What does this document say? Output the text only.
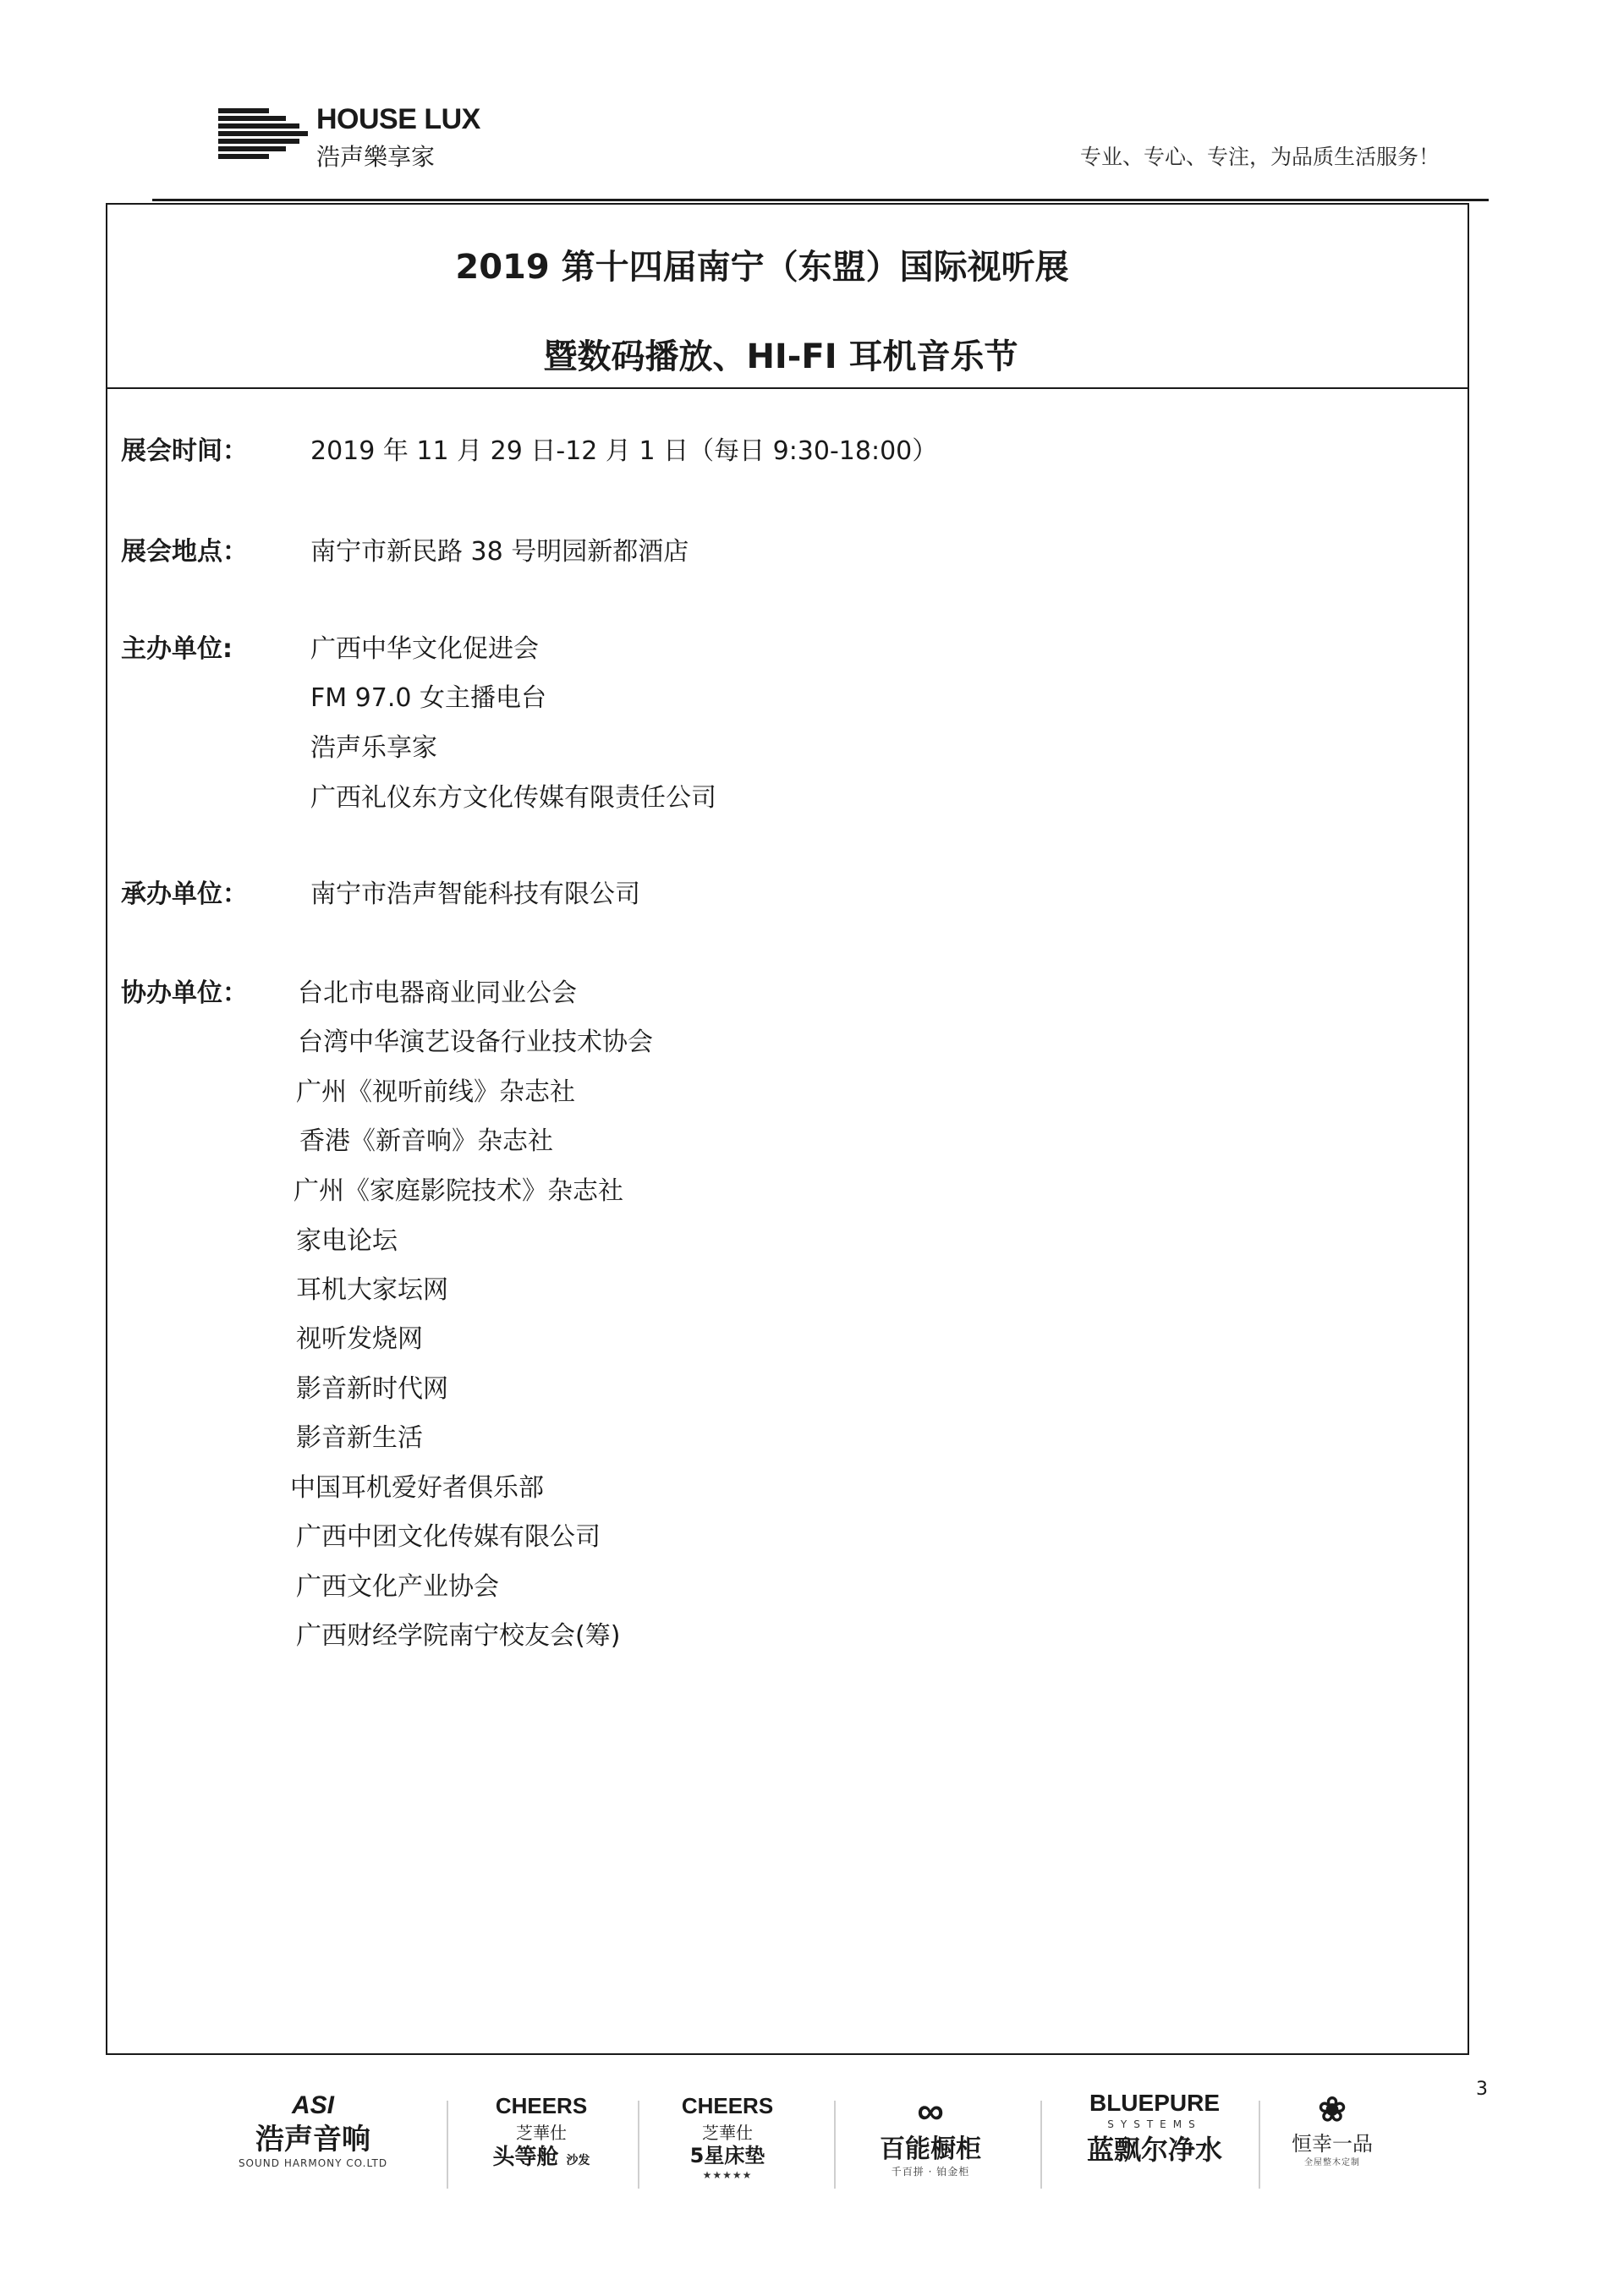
HOUSE LUX
浩声樂享家	专业、专心、专注，为品质生活服务！
2019 第十四届南宁（东盟）国际视听展
暨数码播放、HI-FI 耳机音乐节
展会时间： 2019 年 11 月 29 日-12 月 1 日（每日 9:30-18:00）
展会地点： 南宁市新民路 38 号明园新都酒店
主办单位:	广西中华文化促进会
FM 97.0 女主播电台
浩声乐享家
广西礼仪东方文化传媒有限责任公司
承办单位： 南宁市浩声智能科技有限公司
协办单位： 台北市电器商业同业公会
台湾中华演艺设备行业技术协会
广州《视听前线》杂志社
香港《新音响》杂志社
广州《家庭影院技术》杂志社
家电论坛
耳机大家坛网
视听发烧网
影音新时代网
影音新生活
中国耳机爱好者俱乐部
广西中团文化传媒有限公司
广西文化产业协会
广西财经学院南宁校友会(筹)
3
ASI
浩声音响
SOUND HARMONY CO.LTD
CHEERS
芝華仕
头等舱 沙发
CHEERS
芝華仕
5星床垫
★★★★★
∞
百能橱柜
千百拼 · 铂金柜
BLUEPURE
SYSTEMS
蓝飘尔净水
❀
恒幸一品
全屋整木定制
